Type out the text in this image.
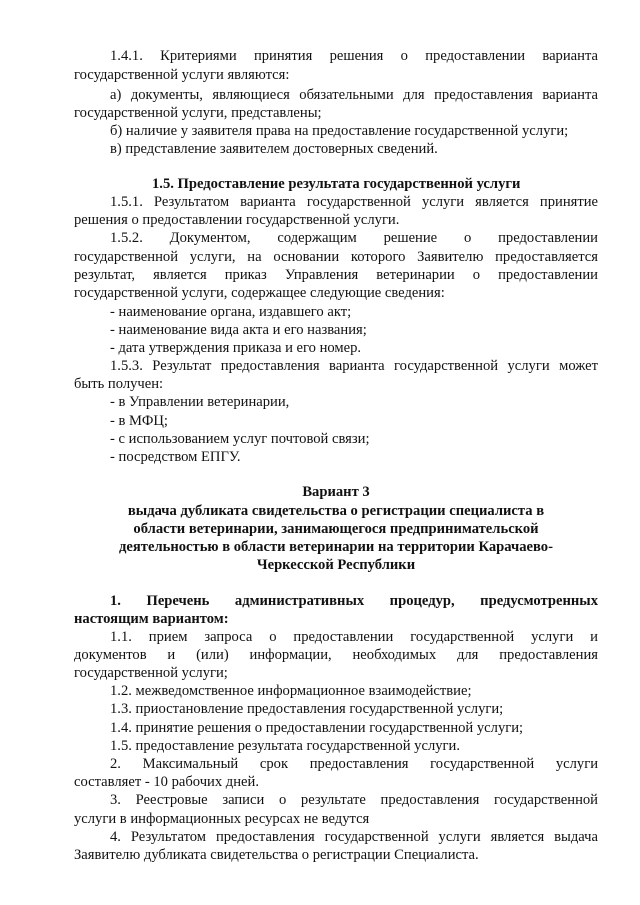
1.4.1. Критериями принятия решения о предоставлении варианта
государственной услуги являются:
а) документы, являющиеся обязательными для предоставления варианта
государственной услуги, представлены;
б) наличие у заявителя права на предоставление государственной услуги;
в) представление заявителем достоверных сведений.
1.5. Предоставление результата государственной услуги
1.5.1. Результатом варианта государственной услуги является принятие
решения о предоставлении государственной услуги.
1.5.2. Документом, содержащим решение о предоставлении
государственной услуги, на основании которого Заявителю предоставляется
результат, является приказ Управления ветеринарии о предоставлении
государственной услуги, содержащее следующие сведения:
- наименование органа, издавшего акт;
- наименование вида акта и его названия;
- дата утверждения приказа и его номер.
1.5.3. Результат предоставления варианта государственной услуги может
быть получен:
- в Управлении ветеринарии,
- в МФЦ;
- с использованием услуг почтовой связи;
- посредством ЕПГУ.
Вариант 3
выдача дубликата свидетельства о регистрации специалиста в
области ветеринарии, занимающегося предпринимательской
деятельностью в области ветеринарии на территории Карачаево-
Черкесской Республики
1. Перечень административных процедур, предусмотренных
настоящим вариантом:
1.1. прием запроса о предоставлении государственной услуги и
документов и (или) информации, необходимых для предоставления
государственной услуги;
1.2. межведомственное информационное взаимодействие;
1.3. приостановление предоставления государственной услуги;
1.4. принятие решения о предоставлении государственной услуги;
1.5. предоставление результата государственной услуги.
2. Максимальный срок предоставления государственной услуги
составляет - 10 рабочих дней.
3. Реестровые записи о результате предоставления государственной
услуги в информационных ресурсах не ведутся
4. Результатом предоставления государственной услуги является выдача
Заявителю дубликата свидетельства о регистрации Специалиста.
